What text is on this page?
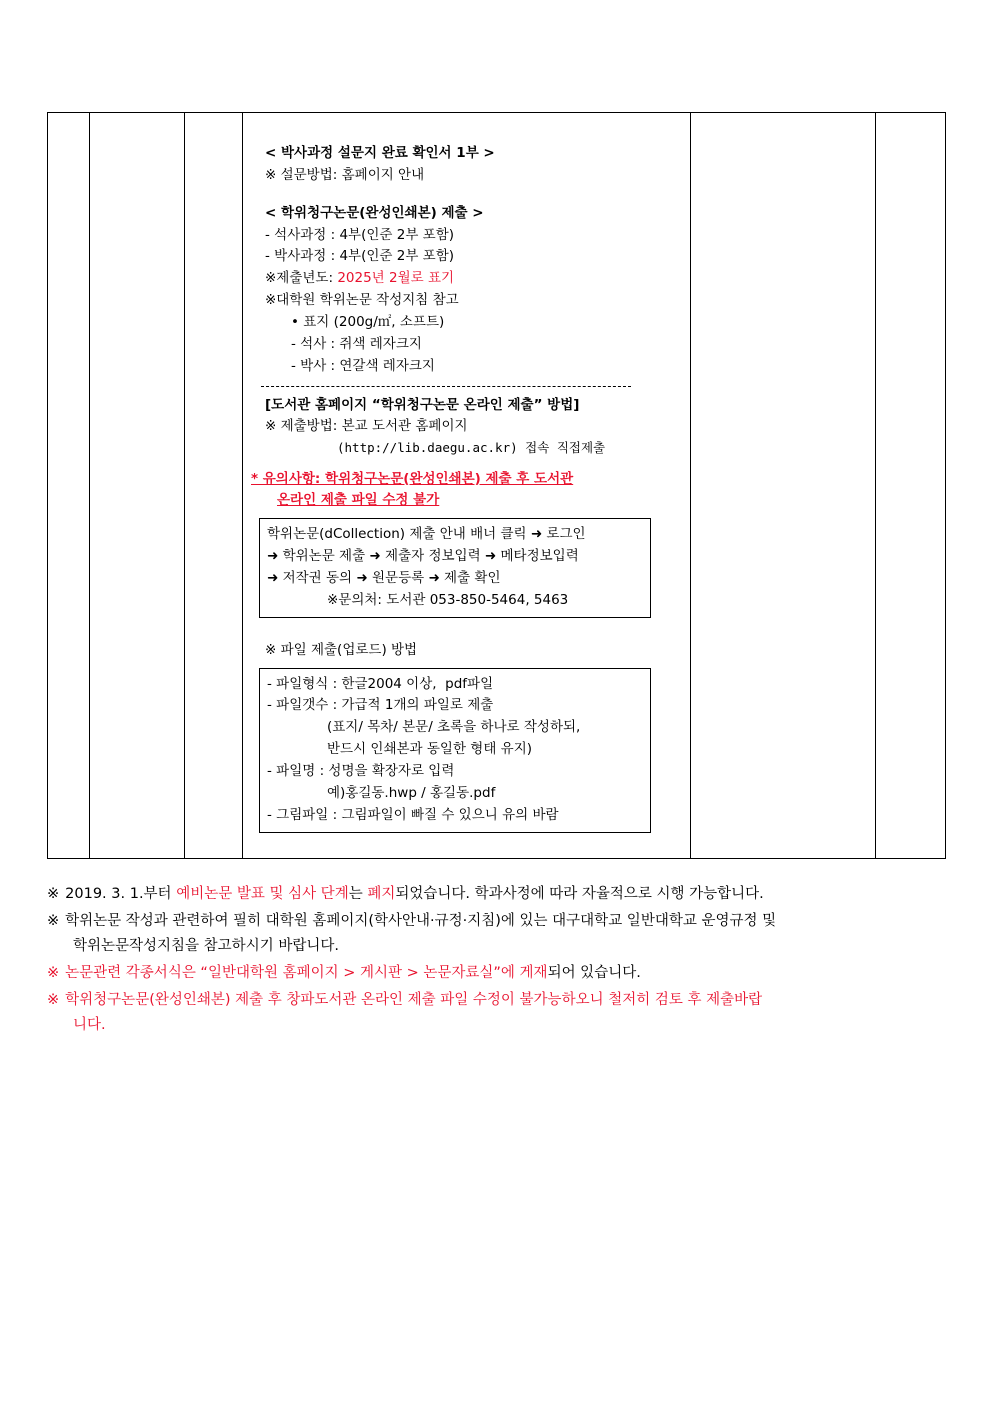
< 박사과정 설문지 완료 확인서 1부 >
※ 설문방법: 홈페이지 안내
< 학위청구논문(완성인쇄본) 제출 >
- 석사과정 : 4부(인준 2부 포함)
- 박사과정 : 4부(인준 2부 포함)
※제출년도: 2025년 2월로 표기
※대학원 학위논문 작성지침 참고
• 표지 (200g/㎡, 소프트)
- 석사 : 쥐색 레자크지
- 박사 : 연갈색 레자크지
[도서관 홈페이지 “학위청구논문 온라인 제출” 방법]
※ 제출방법: 본교 도서관 홈페이지
(http://lib.daegu.ac.kr) 접속 직접제출
* 유의사항: 학위청구논문(완성인쇄본) 제출 후 도서관
온라인 제출 파일 수정 불가
학위논문(dCollection) 제출 안내 배너 클릭 ➜ 로그인
➜ 학위논문 제출 ➜ 제출자 정보입력 ➜ 메타정보입력
➜ 저작권 동의 ➜ 원문등록 ➜ 제출 확인
※문의처: 도서관 053-850-5464, 5463
※ 파일 제출(업로드) 방법
- 파일형식 : 한글2004 이상,  pdf파일
- 파일갯수 : 가급적 1개의 파일로 제출
(표지/ 목차/ 본문/ 초록을 하나로 작성하되,
반드시 인쇄본과 동일한 형태 유지)
- 파일명 : 성명을 확장자로 입력
예)홍길동.hwp / 홍길동.pdf
- 그림파일 : 그림파일이 빠질 수 있으니 유의 바람

※ 2019. 3. 1.부터 예비논문 발표 및 심사 단계는 폐지되었습니다. 학과사정에 따라 자율적으로 시행 가능합니다.
※ 학위논문 작성과 관련하여 필히 대학원 홈페이지(학사안내·규정·지침)에 있는 대구대학교 일반대학교 운영규정 및
학위논문작성지침을 참고하시기 바랍니다.
※ 논문관련 각종서식은 “일반대학원 홈페이지 > 게시판 > 논문자료실”에 게재되어 있습니다.
※ 학위청구논문(완성인쇄본) 제출 후 창파도서관 온라인 제출 파일 수정이 불가능하오니 철저히 검토 후 제출바랍
니다.
